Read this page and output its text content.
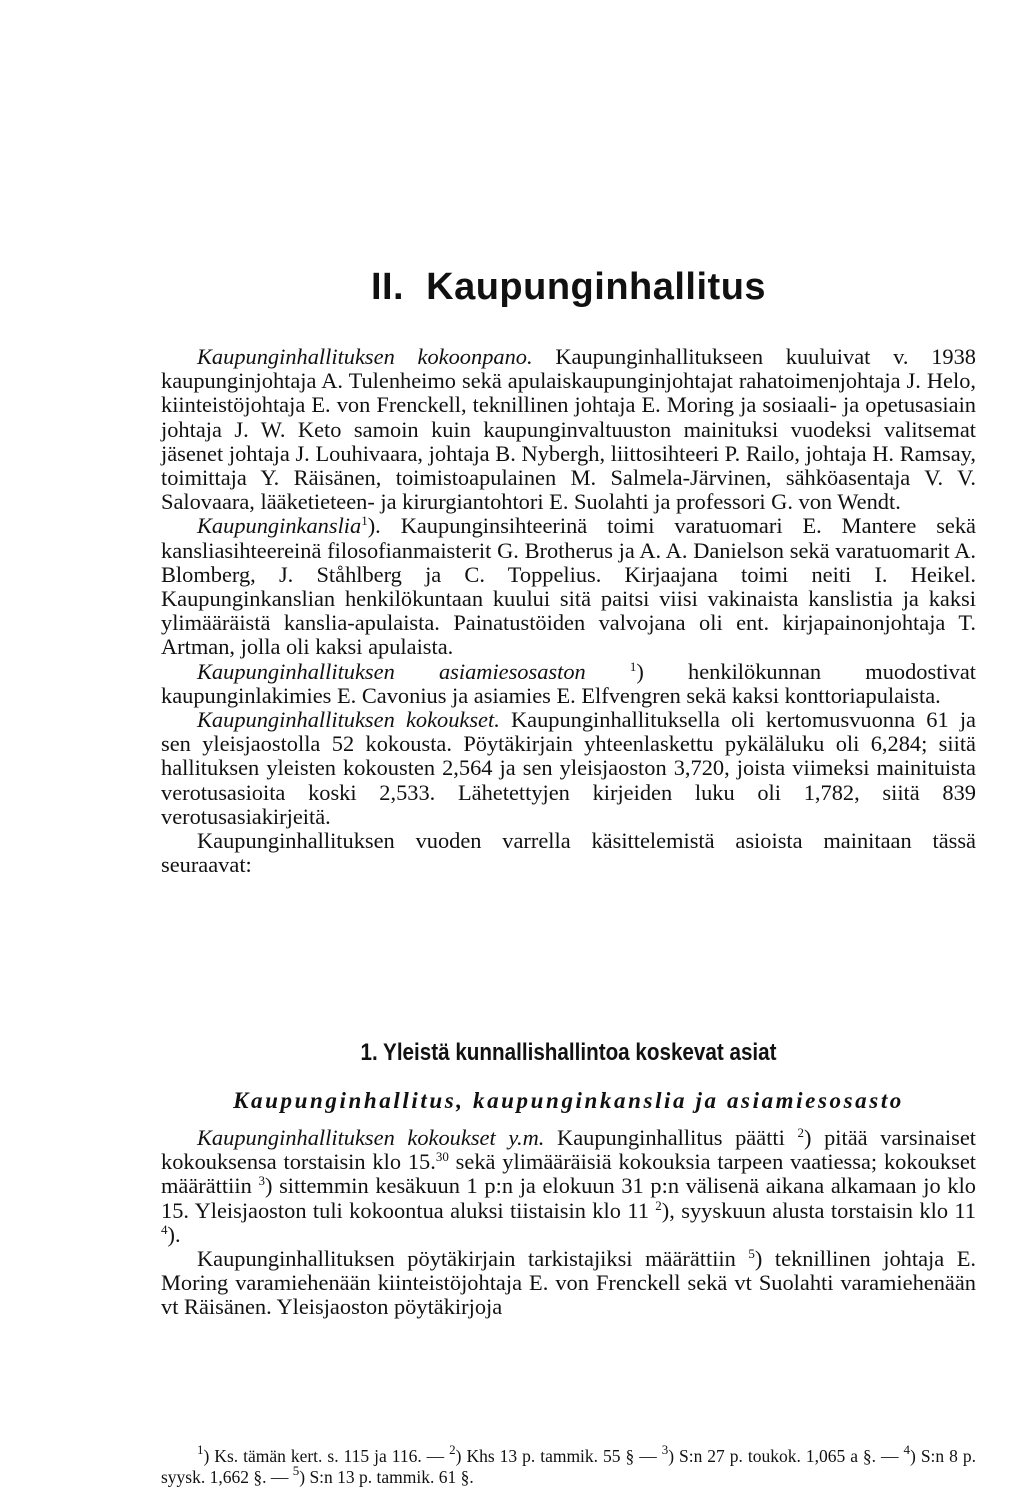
II. Kaupunginhallitus

Kaupunginhallituksen kokoonpano. Kaupunginhallitukseen kuuluivat v. 1938 kaupunginjohtaja A. Tulenheimo sekä apulaiskaupunginjohtajat rahatoimenjohtaja J. Helo, kiinteistöjohtaja E. von Frenckell, teknillinen johtaja E. Moring ja sosiaali- ja opetusasiain johtaja J. W. Keto samoin kuin kaupunginvaltuuston mainituksi vuodeksi valitsemat jäsenet johtaja J. Louhivaara, johtaja B. Nybergh, liittosihteeri P. Railo, johtaja H. Ramsay, toimittaja Y. Räisänen, toimistoapulainen M. Salmela-Järvinen, sähköasentaja V. V. Salovaara, lääketieteen- ja kirurgiantohtori E. Suolahti ja professori G. von Wendt.

Kaupunginkanslia$^1$). Kaupunginsihteerinä toimi varatuomari E. Mantere sekä kansliasihteereinä filosofianmaisterit G. Brotherus ja A. A. Danielson sekä varatuomarit A. Blomberg, J. Ståhlberg ja C. Toppelius. Kirjaajana toimi neiti I. Heikel. Kaupunginkanslian henkilökuntaan kuului sitä paitsi viisi vakinaista kanslistia ja kaksi ylimääräistä kanslia-apulaista. Painatustöiden valvojana oli ent. kirjapainonjohtaja T. Artman, jolla oli kaksi apulaista.

Kaupunginhallituksen asiamiesosaston	$^1$) henkilökunnan muodostivat kaupunginlakimies E. Cavonius ja asiamies E. Elfvengren sekä kaksi konttoriapulaista.

Kaupunginhallituksen kokoukset. Kaupunginhallituksella oli kertomusvuonna 61 ja sen yleisjaostolla 52 kokousta. Pöytäkirjain yhteenlaskettu pykäläluku oli 6,284; siitä hallituksen yleisten kokousten 2,564 ja sen yleisjaoston 3,720, joista viimeksi mainituista verotusasioita koski 2,533. Lähetettyjen kirjeiden luku oli 1,782, siitä 839 verotusasiakirjeitä.

Kaupunginhallituksen vuoden varrella käsittelemistä asioista mainitaan tässä seuraavat:

1. Yleistä kunnallishallintoa koskevat asiat
Kaupunginhallitus, kaupunginkanslia ja asiamiesosasto

Kaupunginhallituksen kokoukset y.m. Kaupunginhallitus päätti $^2$) pitää varsinaiset kokouksensa torstaisin klo 15.30 sekä ylimääräisiä kokouksia tarpeen vaatiessa; kokoukset määrättiin $^3$) sittemmin kesäkuun 1 p:n ja elokuun 31 p:n välisenä aikana alkamaan jo klo 15. Yleisjaoston tuli kokoontua aluksi tiistaisin klo 11 $^2$), syyskuun alusta torstaisin klo 11 $^4$).

Kaupunginhallituksen pöytäkirjain tarkistajiksi määrättiin $^5$) teknillinen johtaja E. Moring varamiehenään kiinteistöjohtaja E. von Frenckell sekä vt Suolahti varamiehenään vt Räisänen. Yleisjaoston pöytäkirjoja

$^1$) Ks. tämän kert. s. 115 ja 116. — $^2$) Khs 13 p. tammik. 55 § — $^3$) S:n 27 p. toukok. 1,065 a §. — $^4$) S:n 8 p. syysk. 1,662 §. — $^5$) S:n 13 p. tammik. 61 §.
